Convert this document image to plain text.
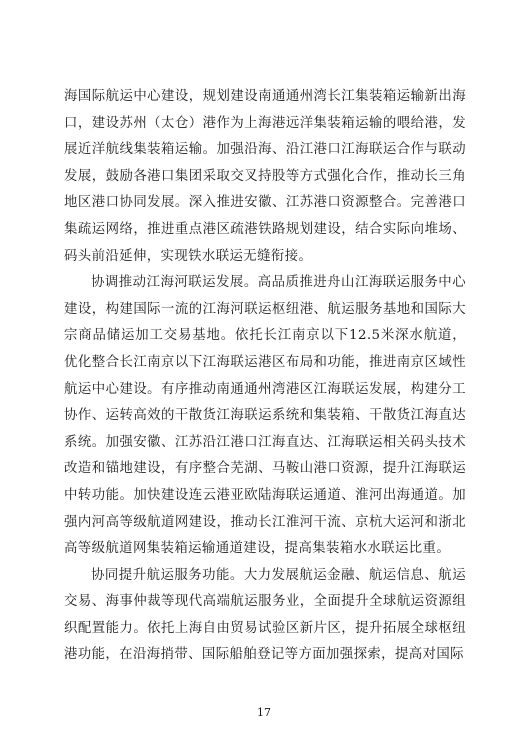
海国际航运中心建设，规划建设南通通州湾长江集装箱运输新出海口，建设苏州（太仓）港作为上海港远洋集装箱运输的喂给港，发展近洋航线集装箱运输。加强沿海、沿江港口江海联运合作与联动发展，鼓励各港口集团采取交叉持股等方式强化合作，推动长三角地区港口协同发展。深入推进安徽、江苏港口资源整合。完善港口集疏运网络，推进重点港区疏港铁路规划建设，结合实际向堆场、码头前沿延伸，实现铁水联运无缝衔接。

协调推动江海河联运发展。高品质推进舟山江海联运服务中心建设，构建国际一流的江海河联运枢纽港、航运服务基地和国际大宗商品储运加工交易基地。依托长江南京以下12.5米深水航道，优化整合长江南京以下江海联运港区布局和功能，推进南京区域性航运中心建设。有序推动南通通州湾港区江海联运发展，构建分工协作、运转高效的干散货江海联运系统和集装箱、干散货江海直达系统。加强安徽、江苏沿江港口江海直达、江海联运相关码头技术改造和锚地建设，有序整合芜湖、马鞍山港口资源，提升江海联运中转功能。加快建设连云港亚欧陆海联运通道、淮河出海通道。加强内河高等级航道网建设，推动长江淮河干流、京杭大运河和浙北高等级航道网集装箱运输通道建设，提高集装箱水水联运比重。

协同提升航运服务功能。大力发展航运金融、航运信息、航运交易、海事仲裁等现代高端航运服务业，全面提升全球航运资源组织配置能力。依托上海自由贸易试验区新片区，提升拓展全球枢纽港功能，在沿海捎带、国际船舶登记等方面加强探索，提高对国际

17
